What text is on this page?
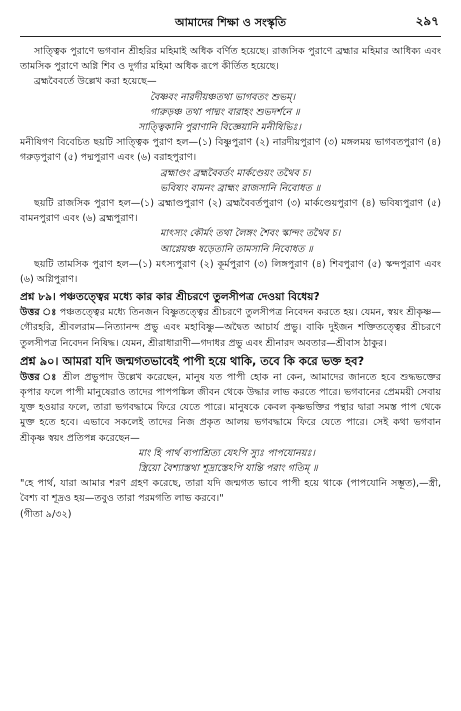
আমাদের শিক্ষা ও সংস্কৃতি	২৯৭

সাত্ত্বিক পুরাণে ভগবান শ্রীহরির মহিমাই অধিক বর্ণিত হয়েছে। রাজসিক পুরাণে ব্রহ্মার মহিমার আধিক্য এবং তামসিক পুরাণে অগ্নি শিব ও দুর্গার মহিমা অধিক রূপে কীর্তিত হয়েছে।

ব্রহ্মবৈবর্তে উল্লেখ করা হয়েছে—

বৈষ্ণবং নারদীয়ঞ্চতথা ভাগবতং শুভম্‌।

গারুড়ঞ্চ তথা পাদ্মং বারাহং শুভদর্শনে ॥

সাত্ত্বিকানি পুরাণানি বিজ্ঞেয়ানি মনীষিভিঃ।

মনীষিগণ বিবেচিত ছয়টি সাত্ত্বিক পুরাণ হল—(১) বিষ্ণুপুরাণ (২) নারদীয়পুরাণ (৩) মঙ্গলময় ভাগবতপুরাণ (৪) গরুড়পুরাণ (৫) পদ্মপুরাণ এবং (৬) বরাহপুরাণ।

ব্রহ্মাণ্ডং ব্রহ্মবৈবর্তং মার্কণ্ডেয়ং তথৈব চ।

ভবিষ্যং বামনং ব্রাহ্মং রাজসানি নিবোধত ॥

ছয়টি রাজসিক পুরাণ হল—(১) ব্রহ্মাণ্ডপুরাণ (২) ব্রহ্মবৈবর্তপুরাণ (৩) মার্কণ্ডেয়পুরাণ (৪) ভবিষ্যপুরাণ (৫) বামনপুরাণ এবং (৬) ব্রহ্মপুরাণ।

মাৎস্যং কৌর্মং তথা লৈঙ্গং শৈবং স্কান্দং তথৈব চ।

আগ্নেয়ঞ্চ ষড়েতানি তামসানি নিবোধত ॥

ছয়টি তামসিক পুরাণ হল—(১) মৎস্যপুরাণ (২) কূর্মপুরাণ (৩) লিঙ্গপুরাণ (৪) শিবপুরাণ (৫) স্কন্দপুরাণ এবং (৬) অগ্নিপুরাণ।

প্রশ্ন ৮৯। পঞ্চতত্ত্বের মধ্যে কার কার শ্রীচরণে তুলসীপত্র দেওয়া বিধেয়?

উত্তর ঃ পঞ্চতত্ত্বের মধ্যে তিনজন বিষ্ণুতত্ত্বের শ্রীচরণে তুলসীপত্র নিবেদন করতে হয়। যেমন, স্বয়ং শ্রীকৃষ্ণ—গৌরহরি, শ্রীবলরাম—নিত্যানন্দ প্রভু এবং মহাবিষ্ণু—অদ্বৈত আচার্য প্রভু। বাকি দুইজন শক্তিতত্ত্বের শ্রীচরণে তুলসীপত্র নিবেদন নিষিদ্ধ। যেমন, শ্রীরাধারাণী—গদাধর প্রভু এবং শ্রীনারদ অবতার—শ্রীবাস ঠাকুর।

প্রশ্ন ৯০। আমরা যদি জন্মগতভাবেই পাপী হয়ে থাকি, তবে কি করে ভক্ত হব?

উত্তর ঃ শ্রীল প্রভুপাদ উল্লেখ করেছেন, মানুষ যত পাপী হোক না কেন, আমাদের জানতে হবে শুদ্ধভক্তের কৃপার ফলে পাপী মানুষেরাও তাদের পাপপঙ্কিল জীবন থেকে উদ্ধার লাভ করতে পারে। ভগবানের প্রেমময়ী সেবায় যুক্ত হওয়ার ফলে, তারা ভগবদ্ধামে ফিরে যেতে পারে। মানুষকে কেবল কৃষ্ণভক্তির পন্থার দ্বারা সমস্ত পাপ থেকে মুক্ত হতে হবে। এভাবে সকলেই তাদের নিজ প্রকৃত আলয় ভগবদ্ধামে ফিরে যেতে পারে। সেই কথা ভগবান শ্রীকৃষ্ণ স্বয়ং প্রতিপন্ন করেছেন—

মাং হি পার্থ ব্যপাশ্রিত্য যেঽপি স্যুঃ পাপযোনয়ঃ।

স্ত্রিয়ো বৈশ্যাস্তথা শূদ্রাস্তেঽপি যান্তি পরাং গতিম্‌ ॥

"হে পার্থ, যারা আমার শরণ গ্রহণ করেছে, তারা যদি জন্মগত ভাবে পাপী হয়ে থাকে (পাপযোনি সম্ভূত),—স্ত্রী, বৈশ্য বা শূদ্রও হয়—তবুও তারা পরমগতি লাভ করবে।"

(গীতা ৯/৩২)
